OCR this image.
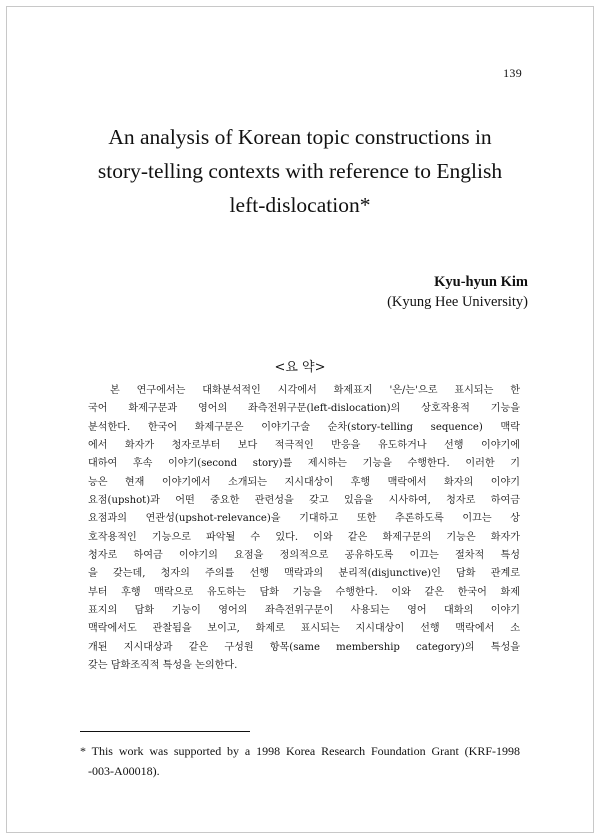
139
An analysis of Korean topic constructions in
story-telling contexts with reference to English
left-dislocation*
Kyu-hyun Kim
(Kyung Hee University)
<요 약>
본 연구에서는 대화분석적인 시각에서 화제표지 '은/는'으로 표시되는 한
국어 화제구문과 영어의 좌측전위구문(left-dislocation)의 상호작용적 기능을
분석한다. 한국어 화제구문은 이야기구술 순차(story-telling sequence) 맥락
에서 화자가 청자로부터 보다 적극적인 반응을 유도하거나 선행 이야기에
대하여 후속 이야기(second story)를 제시하는 기능을 수행한다. 이러한 기
능은 현재 이야기에서 소개되는 지시대상이 후행 맥락에서 화자의 이야기
요점(upshot)과 어떤 중요한 관련성을 갖고 있음을 시사하여, 청자로 하여금
요점과의 연관성(upshot-relevance)을 기대하고 또한 추론하도록 이끄는 상
호작용적인 기능으로 파악될 수 있다. 이와 같은 화제구문의 기능은 화자가
청자로 하여금 이야기의 요점을 정의적으로 공유하도록 이끄는 절차적 특성
을 갖는데, 청자의 주의를 선행 맥락과의 분리적(disjunctive)인 담화 관계로
부터 후행 맥락으로 유도하는 담화 기능을 수행한다. 이와 같은 한국어 화제
표지의 담화 기능이 영어의 좌측전위구문이 사용되는 영어 대화의 이야기
맥락에서도 관찰됨을 보이고, 화제로 표시되는 지시대상이 선행 맥락에서 소
개된 지시대상과 같은 구성원 항목(same membership category)의 특성을
갖는 담화조직적 특성을 논의한다.
* This work was supported by a 1998 Korea Research Foundation Grant (KRF-1998
-003-A00018).
